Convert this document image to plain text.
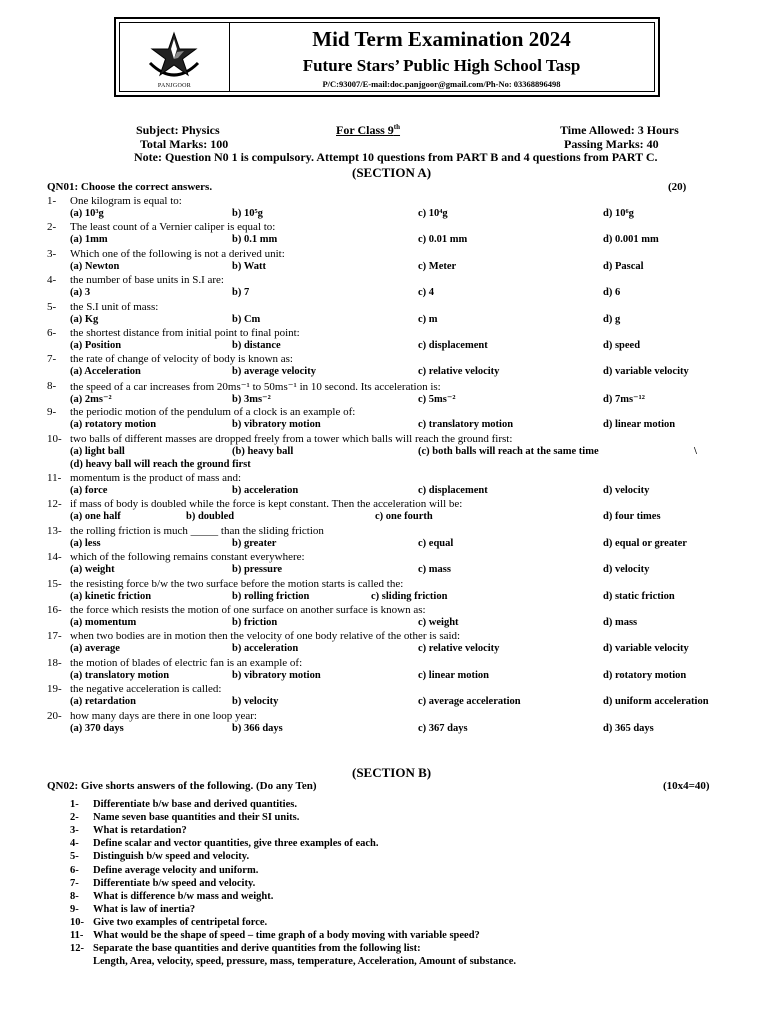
PANJGOOR
Mid Term Examination 2024
Future Stars’ Public High School Tasp
P/C:93007/E-mail:doc.panjgoor@gmail.com/Ph-No: 03368896498
Subject: Physics	For Class 9th	Time Allowed: 3 Hours
Total Marks: 100	Passing Marks: 40
Note: Question N0 1 is compulsory. Attempt 10 questions from PART B and 4 questions from PART C.
(SECTION A)
QN01: Choose the correct answers.	(20)
1- One kilogram is equal to:
(a) 10³g	b) 10⁵g	c) 10⁴g	d) 10⁶g
2- The least count of a Vernier caliper is equal to:
(a) 1mm	b) 0.1 mm	c) 0.01 mm	d) 0.001 mm
3- Which one of the following is not a derived unit:
(a) Newton	b) Watt	c) Meter	d) Pascal
4- the number of base units in S.I are:
(a) 3	b) 7	c) 4	d) 6
5- the S.I unit of mass:
(a) Kg	b) Cm	c) m	d) g
6- the shortest distance from initial point to final point:
(a) Position	b) distance	c) displacement	d) speed
7- the rate of change of velocity of body is known as:
(a) Acceleration	b) average velocity	c) relative velocity	d) variable velocity
8- the speed of a car increases from 20ms⁻¹ to 50ms⁻¹ in 10 second. Its acceleration is:
(a) 2ms⁻²	b) 3ms⁻²	c) 5ms⁻²	d) 7ms⁻¹²
9- the periodic motion of the pendulum of a clock is an example of:
(a) rotatory motion	b) vibratory motion	c) translatory motion	d) linear motion
10- two balls of different masses are dropped freely from a tower which balls will reach the ground first:
(a) light ball	(b) heavy ball	(c) both balls will reach at the same time	\
(d) heavy ball will reach the ground first
11- momentum is the product of mass and:
(a) force	b) acceleration	c) displacement	d) velocity
12- if mass of body is doubled while the force is kept constant. Then the acceleration will be:
(a) one half	b) doubled	c) one fourth	d) four times
13- the rolling friction is much _____ than the sliding friction
(a) less	b) greater	c) equal	d) equal or greater
14- which of the following remains constant everywhere:
(a) weight	b) pressure	c) mass	d) velocity
15- the resisting force b/w the two surface before the motion starts is called the:
(a) kinetic friction	b) rolling friction	c) sliding friction	d) static friction
16- the force which resists the motion of one surface on another surface is known as:
(a) momentum	b) friction	c) weight	d) mass
17- when two bodies are in motion then the velocity of one body relative of the other is said:
(a) average	b) acceleration	c) relative velocity	d) variable velocity
18- the motion of blades of electric fan is an example of:
(a) translatory motion	b) vibratory motion	c) linear motion	d) rotatory motion
19- the negative acceleration is called:
(a) retardation	b) velocity	c) average acceleration	d) uniform acceleration
20- how many days are there in one loop year:
(a) 370 days	b) 366 days	c) 367 days	d) 365 days
(SECTION B)
QN02: Give shorts answers of the following. (Do any Ten)	(10x4=40)
1- Differentiate b/w base and derived quantities.
2- Name seven base quantities and their SI units.
3- What is retardation?
4- Define scalar and vector quantities, give three examples of each.
5- Distinguish b/w speed and velocity.
6- Define average velocity and uniform.
7- Differentiate b/w speed and velocity.
8- What is difference b/w mass and weight.
9- What is law of inertia?
10- Give two examples of centripetal force.
11- What would be the shape of speed – time graph of a body moving with variable speed?
12- Separate the base quantities and derive quantities from the following list:
Length, Area, velocity, speed, pressure, mass, temperature, Acceleration, Amount of substance.
